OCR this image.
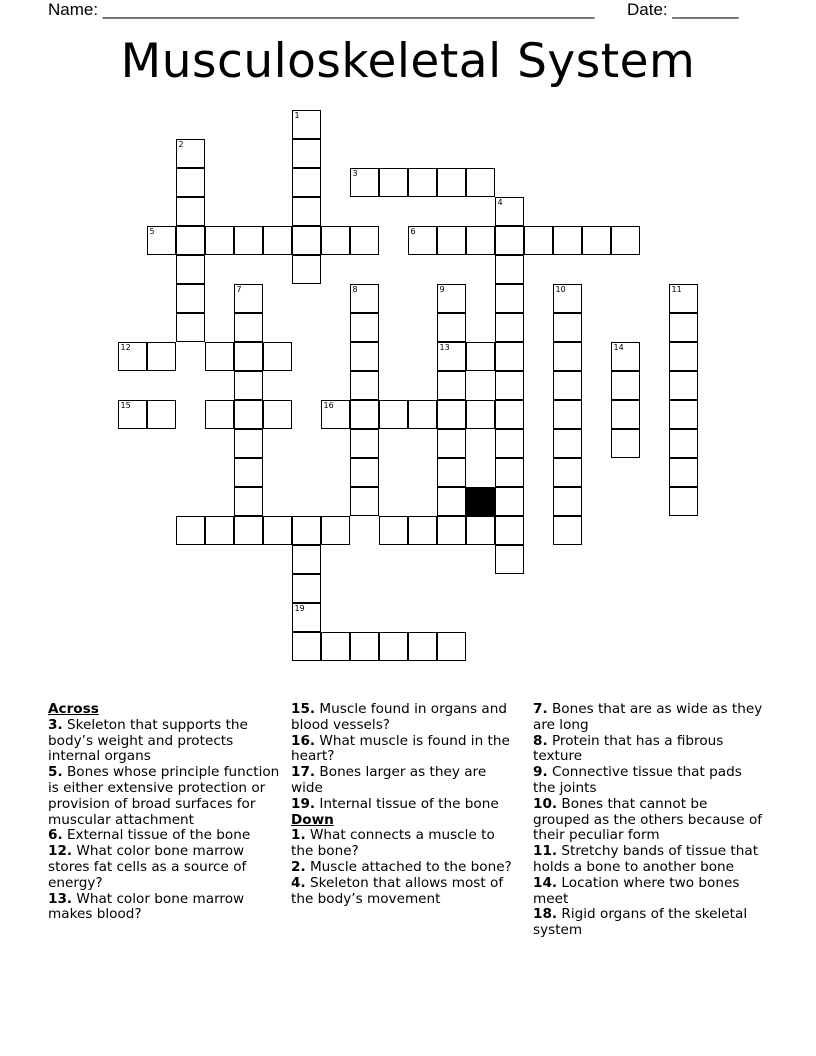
Name: ____________________________________________________ Date: _______
Musculoskeletal System
1
2
3
4
5	6
7	8	9
13
10	11
12	14
15	16
19
Across
3. Skeleton that supports the body’s weight and protects internal organs
5. Bones whose principle function is either extensive protection or provision of broad surfaces for muscular attachment
6. External tissue of the bone
12. What color bone marrow stores fat cells as a source of energy?
13. What color bone marrow makes blood?
15. Muscle found in organs and blood vessels?
16. What muscle is found in the heart?
17. Bones larger as they are wide
19. Internal tissue of the bone
Down
1. What connects a muscle to the bone?
2. Muscle attached to the bone?
4. Skeleton that allows most of the body’s movement
7. Bones that are as wide as they are long
8. Protein that has a fibrous texture
9. Connective tissue that pads the joints
10. Bones that cannot be grouped as the others because of their peculiar form
11. Stretchy bands of tissue that holds a bone to another bone
14. Location where two bones meet
18. Rigid organs of the skeletal system
